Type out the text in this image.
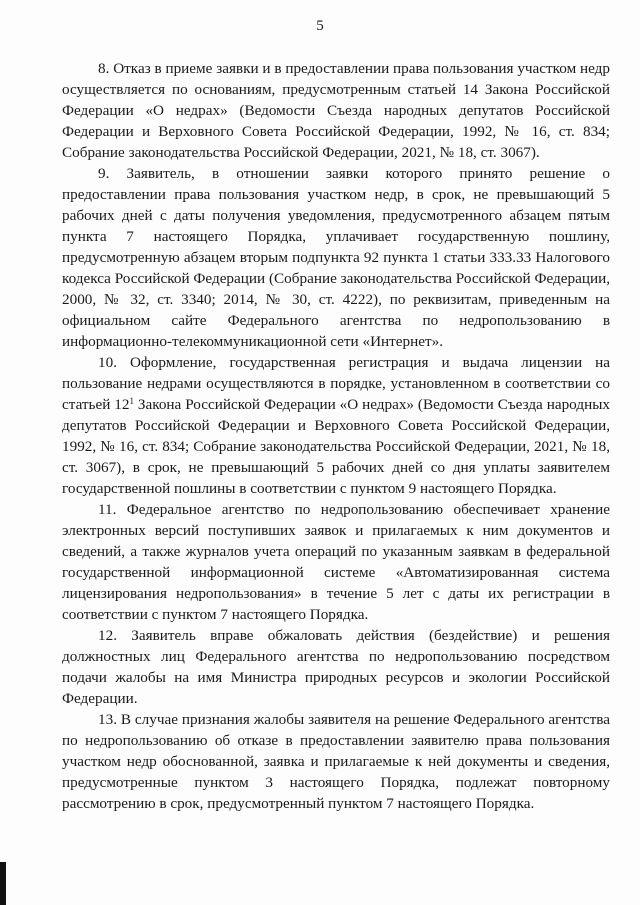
5

8. Отказ в приеме заявки и в предоставлении права пользования участком недр осуществляется по основаниям, предусмотренным статьей 14 Закона Российской Федерации «О недрах» (Ведомости Съезда народных депутатов Российской Федерации и Верховного Совета Российской Федерации, 1992, № 16, ст. 834; Собрание законодательства Российской Федерации, 2021, № 18, ст. 3067).

9. Заявитель, в отношении заявки которого принято решение о предоставлении права пользования участком недр, в срок, не превышающий 5 рабочих дней с даты получения уведомления, предусмотренного абзацем пятым пункта 7 настоящего Порядка, уплачивает государственную пошлину, предусмотренную абзацем вторым подпункта 92 пункта 1 статьи 333.33 Налогового кодекса Российской Федерации (Собрание законодательства Российской Федерации, 2000, № 32, ст. 3340; 2014, № 30, ст. 4222), по реквизитам, приведенным на официальном сайте Федерального агентства по недропользованию в информационно-телекоммуникационной сети «Интернет».

10. Оформление, государственная регистрация и выдача лицензии на пользование недрами осуществляются в порядке, установленном в соответствии со статьей $12^1$ Закона Российской Федерации «О недрах» (Ведомости Съезда народных депутатов Российской Федерации и Верховного Совета Российской Федерации, 1992, № 16, ст. 834; Собрание законодательства Российской Федерации, 2021, № 18, ст. 3067), в срок, не превышающий 5 рабочих дней со дня уплаты заявителем государственной пошлины в соответствии с пунктом 9 настоящего Порядка.

11. Федеральное агентство по недропользованию обеспечивает хранение электронных версий поступивших заявок и прилагаемых к ним документов и сведений, а также журналов учета операций по указанным заявкам в федеральной государственной информационной системе «Автоматизированная система лицензирования недропользования» в течение 5 лет с даты их регистрации в соответствии с пунктом 7 настоящего Порядка.

12. Заявитель вправе обжаловать действия (бездействие) и решения должностных лиц Федерального агентства по недропользованию посредством подачи жалобы на имя Министра природных ресурсов и экологии Российской Федерации.

13. В случае признания жалобы заявителя на решение Федерального агентства по недропользованию об отказе в предоставлении заявителю права пользования участком недр обоснованной, заявка и прилагаемые к ней документы и сведения, предусмотренные пунктом 3 настоящего Порядка, подлежат повторному рассмотрению в срок, предусмотренный пунктом 7 настоящего Порядка.
